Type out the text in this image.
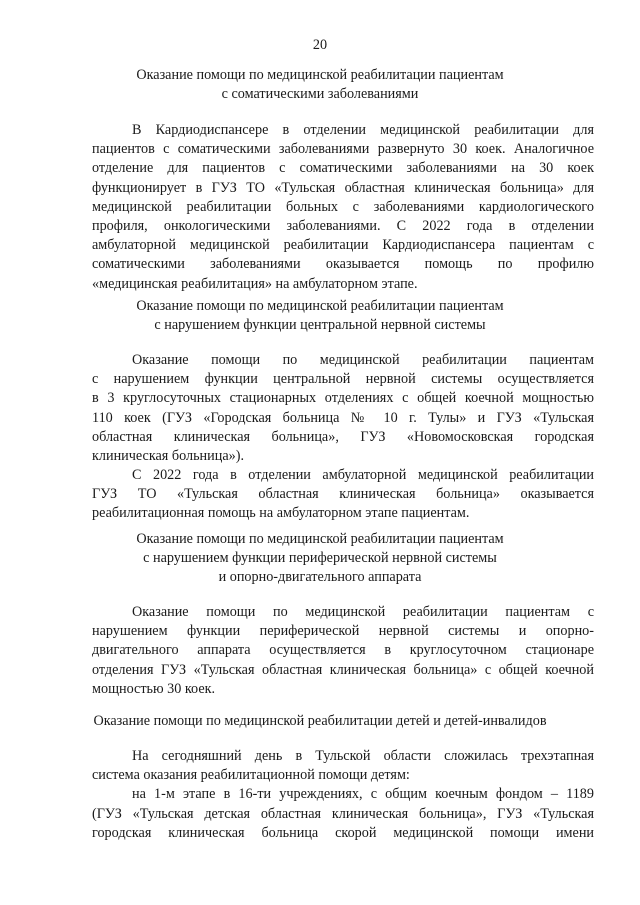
20
Оказание помощи по медицинской реабилитации пациентам
с соматическими заболеваниями
В Кардиодиспансере в отделении медицинской реабилитации для
пациентов с соматическими заболеваниями развернуто 30 коек. Аналогичное
отделение для пациентов с соматическими заболеваниями на 30 коек
функционирует в ГУЗ ТО «Тульская областная клиническая больница» для
медицинской реабилитации больных с заболеваниями кардиологического
профиля, онкологическими заболеваниями. С 2022 года в отделении
амбулаторной медицинской реабилитации Кардиодиспансера пациентам с
соматическими заболеваниями оказывается помощь по профилю
«медицинская реабилитация» на амбулаторном этапе.
Оказание помощи по медицинской реабилитации пациентам
с нарушением функции центральной нервной системы
Оказание помощи по медицинской реабилитации пациентам
с нарушением функции центральной нервной системы осуществляется
в 3 круглосуточных стационарных отделениях с общей коечной мощностью
110 коек (ГУЗ «Городская больница № 10 г. Тулы» и ГУЗ «Тульская
областная клиническая больница», ГУЗ «Новомосковская городская
клиническая больница»).
С 2022 года в отделении амбулаторной медицинской реабилитации
ГУЗ ТО «Тульская областная клиническая больница» оказывается
реабилитационная помощь на амбулаторном этапе пациентам.
Оказание помощи по медицинской реабилитации пациентам
с нарушением функции периферической нервной системы
и опорно-двигательного аппарата
Оказание помощи по медицинской реабилитации пациентам с
нарушением функции периферической нервной системы и опорно-
двигательного аппарата осуществляется в круглосуточном стационаре
отделения ГУЗ «Тульская областная клиническая больница» с общей коечной
мощностью 30 коек.
Оказание помощи по медицинской реабилитации детей и детей-инвалидов
На сегодняшний день в Тульской области сложилась трехэтапная
система оказания реабилитационной помощи детям:
на 1-м этапе в 16-ти учреждениях, с общим коечным фондом – 1189
(ГУЗ «Тульская детская областная клиническая больница», ГУЗ «Тульская
городская клиническая больница скорой медицинской помощи имени
